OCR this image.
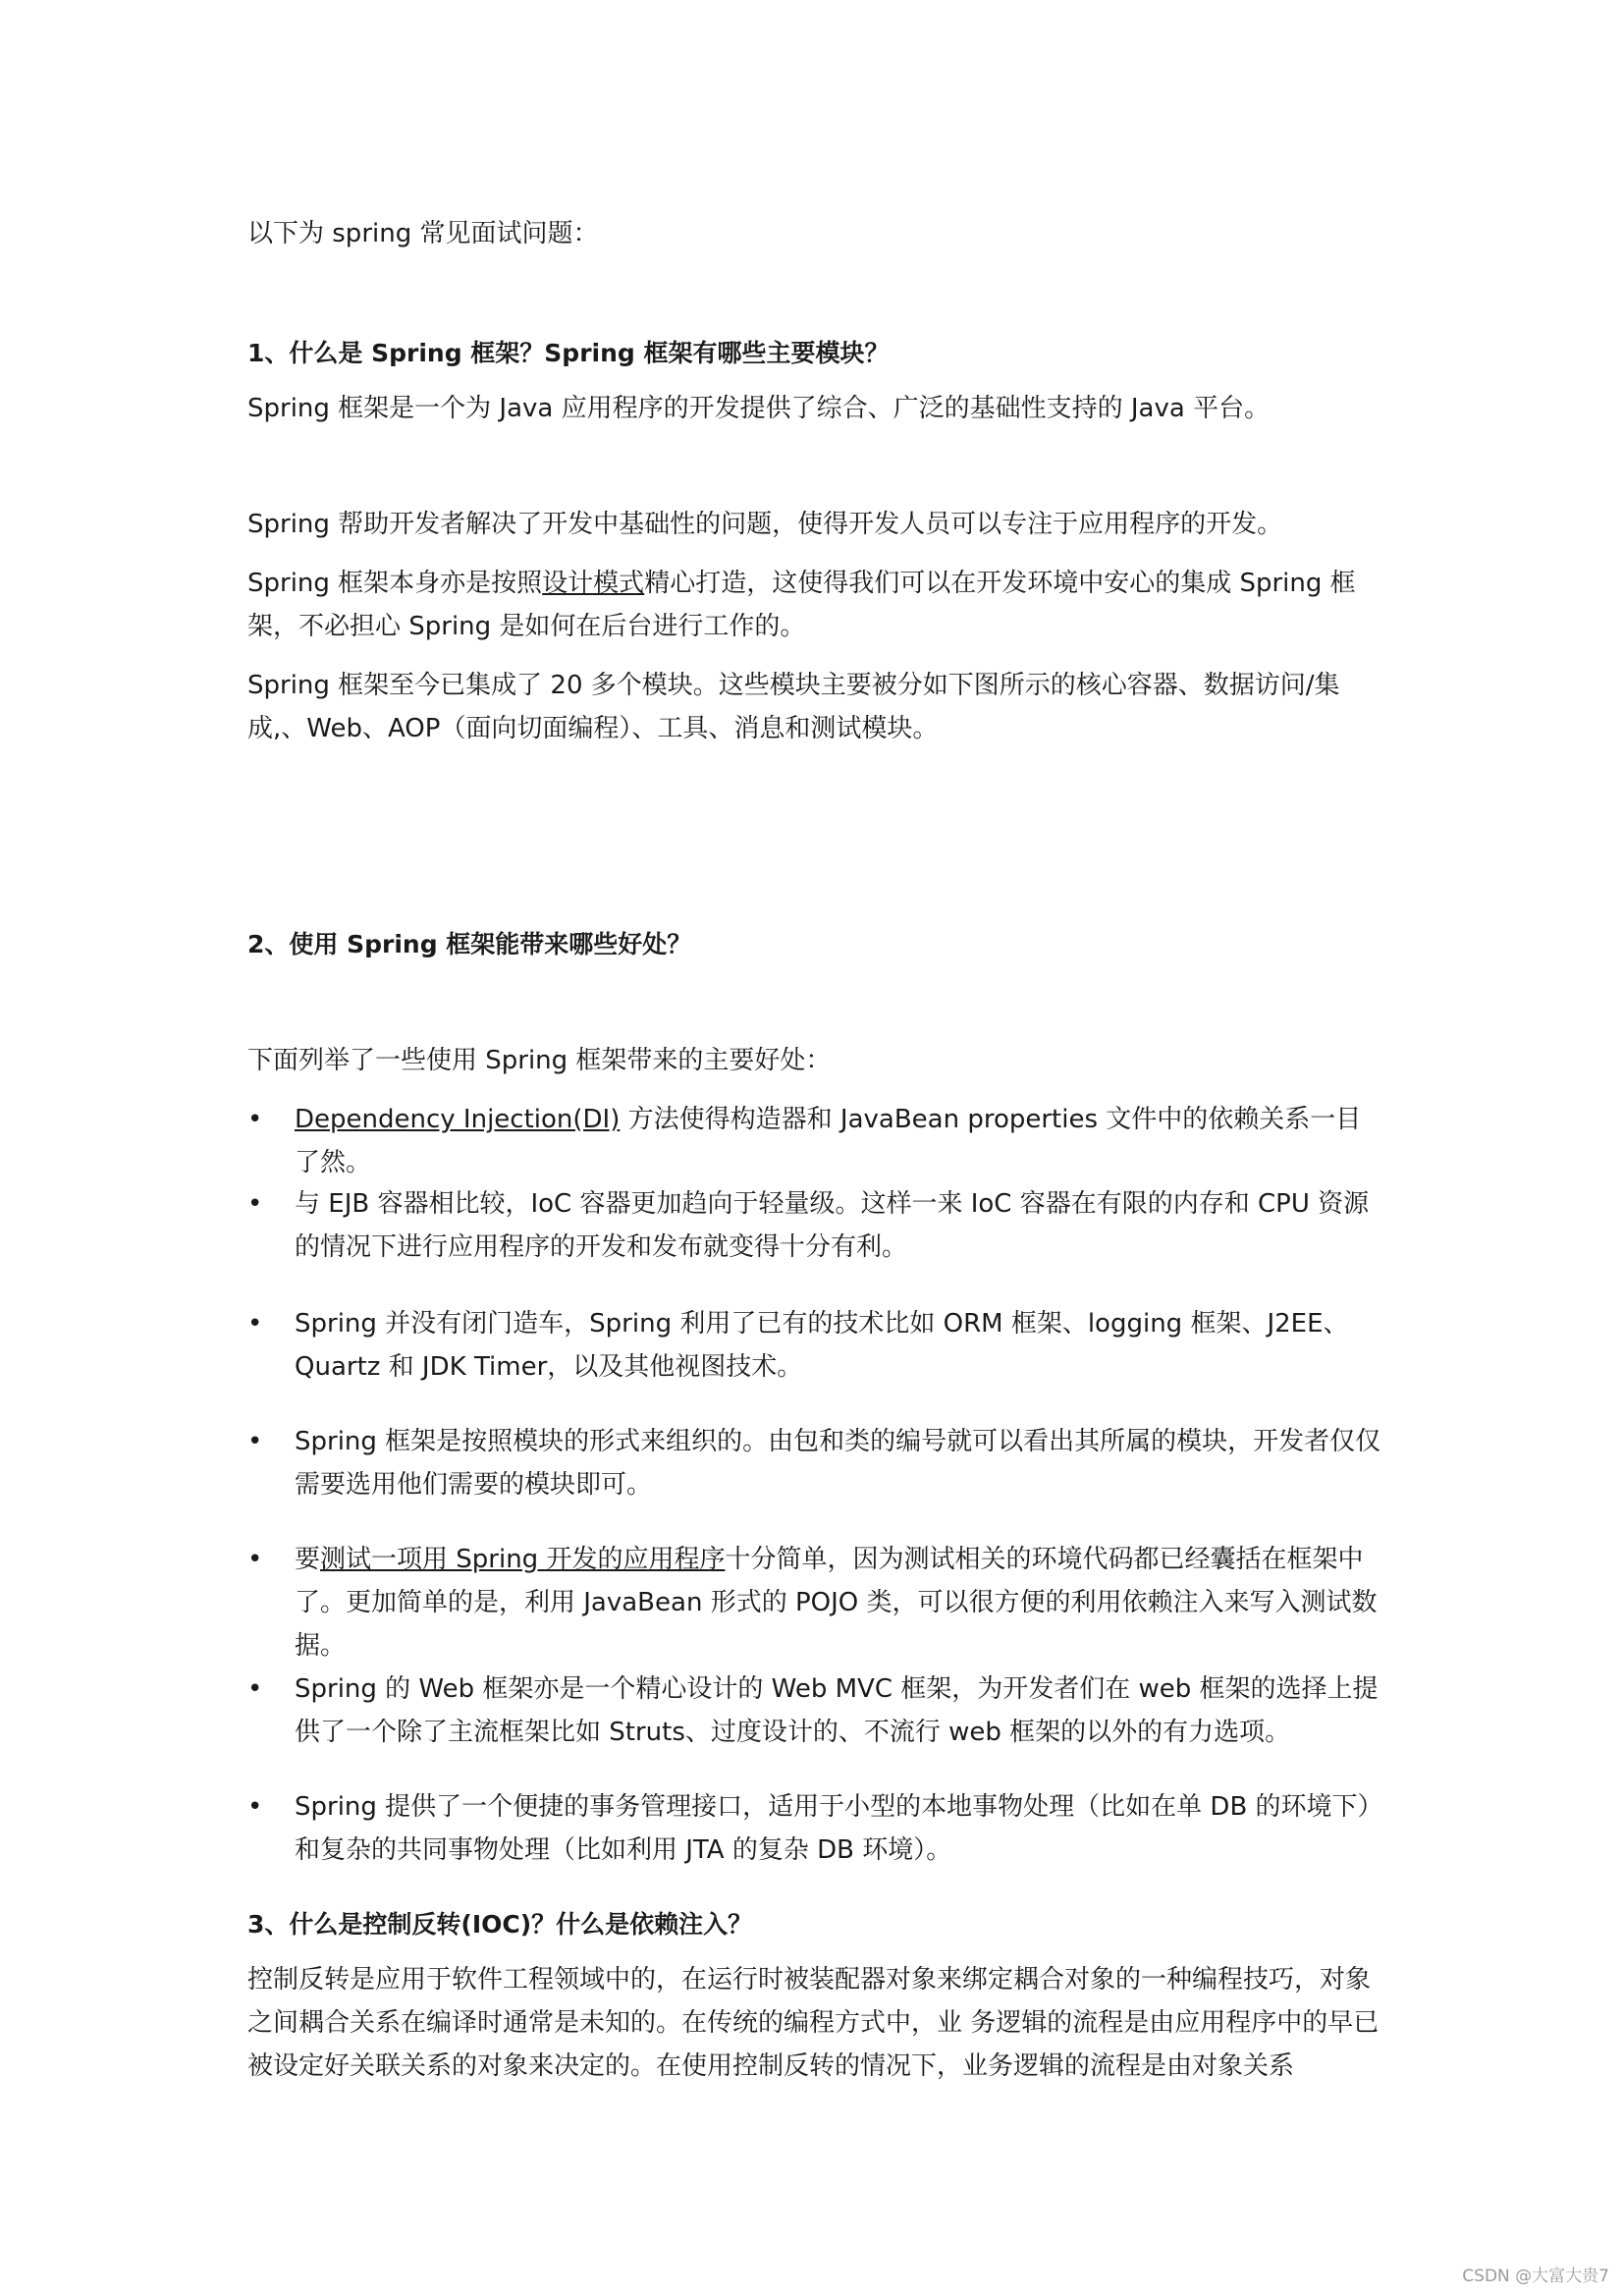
以下为 spring 常见面试问题：
1、什么是 Spring 框架？Spring 框架有哪些主要模块？
Spring 框架是一个为 Java 应用程序的开发提供了综合、广泛的基础性支持的 Java 平台。
Spring 帮助开发者解决了开发中基础性的问题，使得开发人员可以专注于应用程序的开发。
Spring 框架本身亦是按照设计模式精心打造，这使得我们可以在开发环境中安心的集成 Spring 框架，不必担心 Spring 是如何在后台进行工作的。
Spring 框架至今已集成了 20 多个模块。这些模块主要被分如下图所示的核心容器、数据访问/集成,、Web、AOP（面向切面编程）、工具、消息和测试模块。
2、使用 Spring 框架能带来哪些好处？
下面列举了一些使用 Spring 框架带来的主要好处：
•	Dependency Injection(DI) 方法使得构造器和 JavaBean properties 文件中的依赖关系一目了然。
•	与 EJB 容器相比较，IoC 容器更加趋向于轻量级。这样一来 IoC 容器在有限的内存和 CPU 资源的情况下进行应用程序的开发和发布就变得十分有利。
•	Spring 并没有闭门造车，Spring 利用了已有的技术比如 ORM 框架、logging 框架、J2EE、Quartz 和 JDK Timer，以及其他视图技术。
•	Spring 框架是按照模块的形式来组织的。由包和类的编号就可以看出其所属的模块，开发者仅仅需要选用他们需要的模块即可。
•	要测试一项用 Spring 开发的应用程序十分简单，因为测试相关的环境代码都已经囊括在框架中了。更加简单的是，利用 JavaBean 形式的 POJO 类，可以很方便的利用依赖注入来写入测试数据。
•	Spring 的 Web 框架亦是一个精心设计的 Web MVC 框架，为开发者们在 web 框架的选择上提供了一个除了主流框架比如 Struts、过度设计的、不流行 web 框架的以外的有力选项。
•	Spring 提供了一个便捷的事务管理接口，适用于小型的本地事物处理（比如在单 DB 的环境下）和复杂的共同事物处理（比如利用 JTA 的复杂 DB 环境）。
3、什么是控制反转(IOC)？什么是依赖注入？
控制反转是应用于软件工程领域中的，在运行时被装配器对象来绑定耦合对象的一种编程技巧，对象之间耦合关系在编译时通常是未知的。在传统的编程方式中，业 务逻辑的流程是由应用程序中的早已被设定好关联关系的对象来决定的。在使用控制反转的情况下，业务逻辑的流程是由对象关系
CSDN @大富大贵7
